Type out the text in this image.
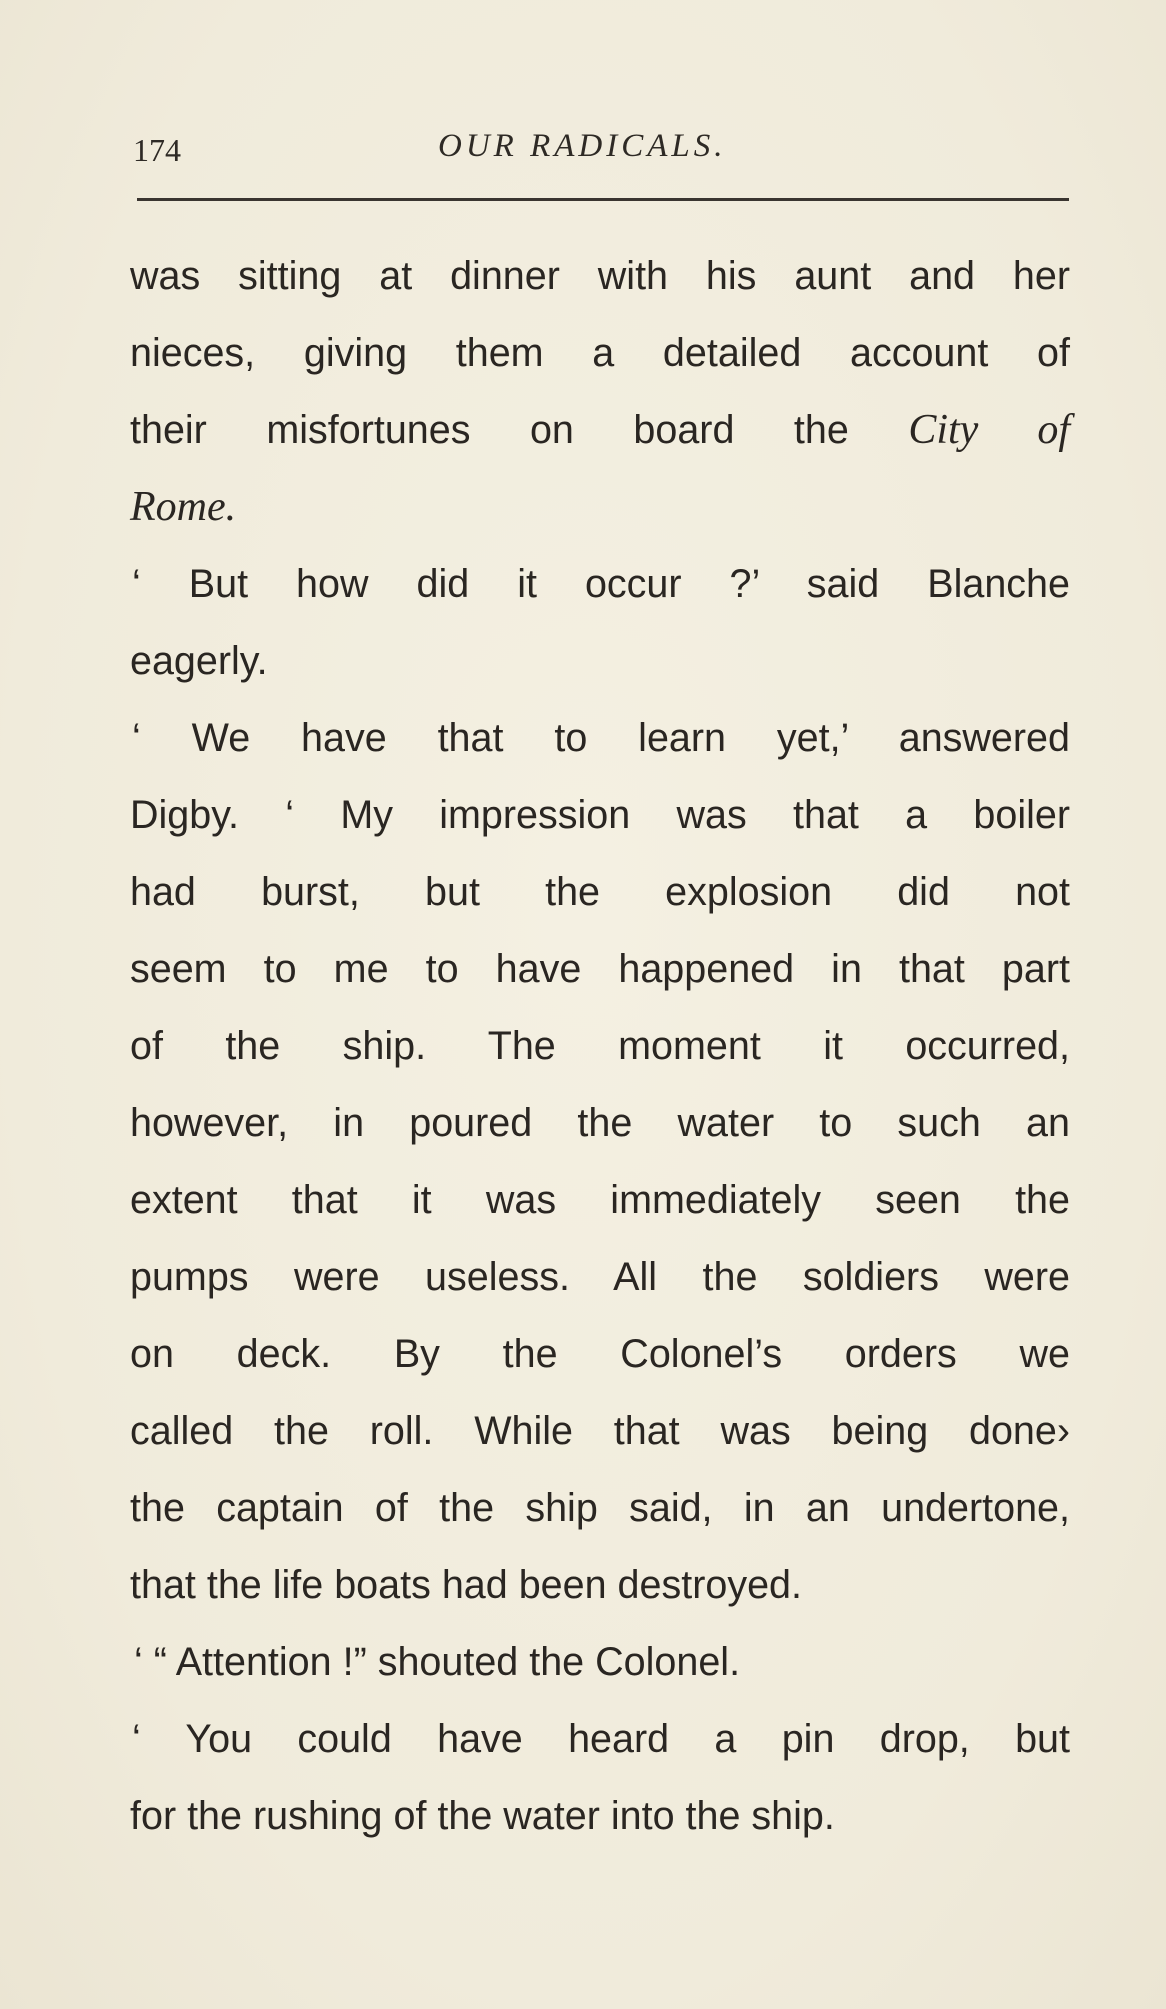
174	OUR RADICALS.
was sitting at dinner with his aunt and her
nieces, giving them a detailed account of
their misfortunes on board the City of
Rome.
‘ But how did it occur ?’ said Blanche
eagerly.
‘ We have that to learn yet,’ answered
Digby. ‘ My impression was that a boiler
had burst, but the explosion did not
seem to me to have happened in that part
of the ship. The moment it occurred,
however, in poured the water to such an
extent that it was immediately seen the
pumps were useless. All the soldiers were
on deck. By the Colonel’s orders we
called the roll. While that was being done›
the captain of the ship said, in an undertone,
that the life boats had been destroyed.
‘ “ Attention !” shouted the Colonel.
‘ You could have heard a pin drop, but
for the rushing of the water into the ship.
